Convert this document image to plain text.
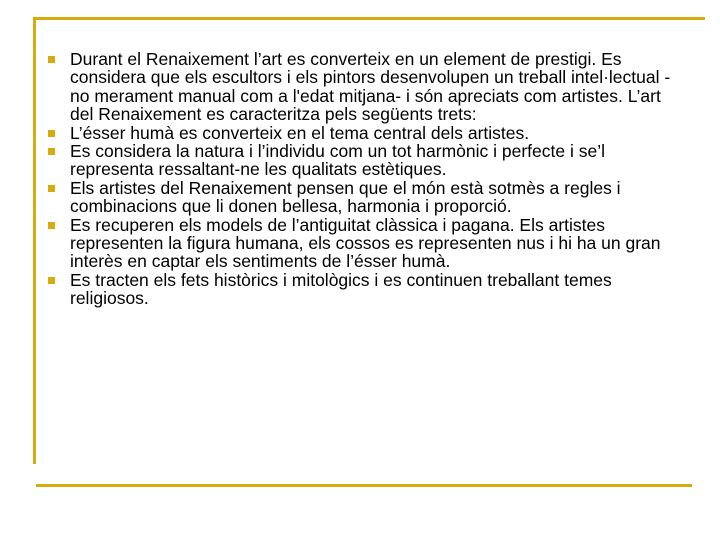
Durant el Renaixement l’art es converteix en un element de prestigi. Es considera que els escultors i els pintors desenvolupen un treball intel·lectual -no merament manual com a l'edat mitjana- i són apreciats com artistes. L’art del Renaixement es caracteritza pels següents trets:
L’ésser humà es converteix en el tema central dels artistes.
Es considera la natura i l’individu com un tot harmònic i perfecte i se’l representa ressaltant-ne les qualitats estètiques.
Els artistes del Renaixement pensen que el món està sotmès a regles i combinacions que li donen bellesa, harmonia i proporció.
Es recuperen els models de l’antiguitat clàssica i pagana. Els artistes representen la figura humana, els cossos es representen nus i hi ha un gran interès en captar els sentiments de l’ésser humà.
Es tracten els fets històrics i mitològics i es continuen treballant temes religiosos.
